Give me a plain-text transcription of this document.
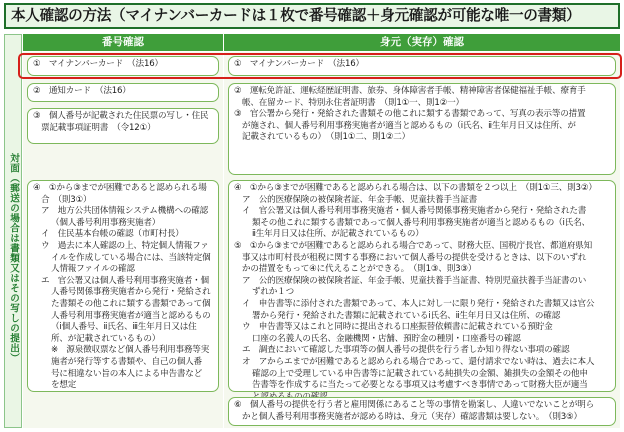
本人確認の方法（マイナンバーカードは１枚で番号確認＋身元確認が可能な唯一の書類）
対面（郵送の場合は書類又はその写しの提出）
番号確認	身元（実存）確認
①　マイナンバーカード　（法16）
②　通知カード　（法16）
③　個人番号が記載された住民票の写し・住民
票記載事項証明書　（令12①）
④　①から③までが困難であると認められる場
合　（則3①）
ア　地方公共団体情報システム機構への確認
（個人番号利用事務実施者）
イ　住民基本台帳の確認（市町村長）
ウ　過去に本人確認の上、特定個人情報ファ
イルを作成している場合には、当該特定個
人情報ファイルの確認
エ　官公署又は個人番号利用事務実施者・個
人番号関係事務実施者から発行・発給され
た書類その他これに類する書類であって個
人番号利用事務実施者が適当と認めるもの
（ⅰ個人番号、ⅱ氏名、ⅲ生年月日又は住
所、が記載されているもの）
※　源泉徴収票など個人番号利用事務等実
施者が発行等する書類や、自己の個人番
号に相違ない旨の本人による申告書など
を想定
①　マイナンバーカード　（法16）
②　運転免許証、運転経歴証明書、旅券、身体障害者手帳、精神障害者保健福祉手帳、療育手
帳、在留カード、特別永住者証明書　（則1①一、則1②一）
③　官公署から発行・発給された書類その他これに類する書類であって、写真の表示等の措置
が施され、個人番号利用事務実施者が適当と認めるもの（ⅰ氏名、ⅱ生年月日又は住所、が
記載されているもの）　（則1①二、則1②二）
④　①から③までが困難であると認められる場合は、以下の書類を２つ以上　（則1①三、則3②）
ア　公的医療保険の被保険者証、年金手帳、児童扶養手当証書
イ　官公署又は個人番号利用事務実施者・個人番号関係事務実施者から発行・発給された書
類その他これに類する書類であって個人番号利用事務実施者が適当と認めるもの（ⅰ氏名、
ⅱ生年月日又は住所、が記載されているもの）
⑤　①から③までが困難であると認められる場合であって、財務大臣、国税庁長官、都道府県知
事又は市町村長が租税に関する事務において個人番号の提供を受けるときは、以下のいずれ
かの措置をもって④に代えることができる。　（則1③、則3③）
ア　公的医療保険の被保険者証、年金手帳、児童扶養手当証書、特別児童扶養手当証書のい
ずれか１つ
イ　申告書等に添付された書類であって、本人に対し一に限り発行・発給された書類又は官公
署から発行・発給された書類に記載されているⅰ氏名、ⅱ生年月日又は住所、の確認
ウ　申告書等又はこれと同時に提出される口座振替依頼書に記載されている預貯金
口座の名義人の氏名、金融機関・店舗、預貯金の種別・口座番号の確認
エ　調査において確認した事項等の個人番号の提供を行う者しか知り得ない事項の確認
オ　アからエまでが困難であると認められる場合であって、還付請求でない時は、過去に本人
確認の上で受理している申告書等に記載されている純損失の金額、雑損失の金額その他申
告書等を作成するに当たって必要となる事項又は考慮すべき事情であって財務大臣が適当
⑥　個人番号の提供を行う者と雇用関係にあること等の事情を勘案し、人違いでないことが明ら
かと個人番号利用事務実施者が認める時は、身元（実存）確認書類は要しない。　（則3⑤）
